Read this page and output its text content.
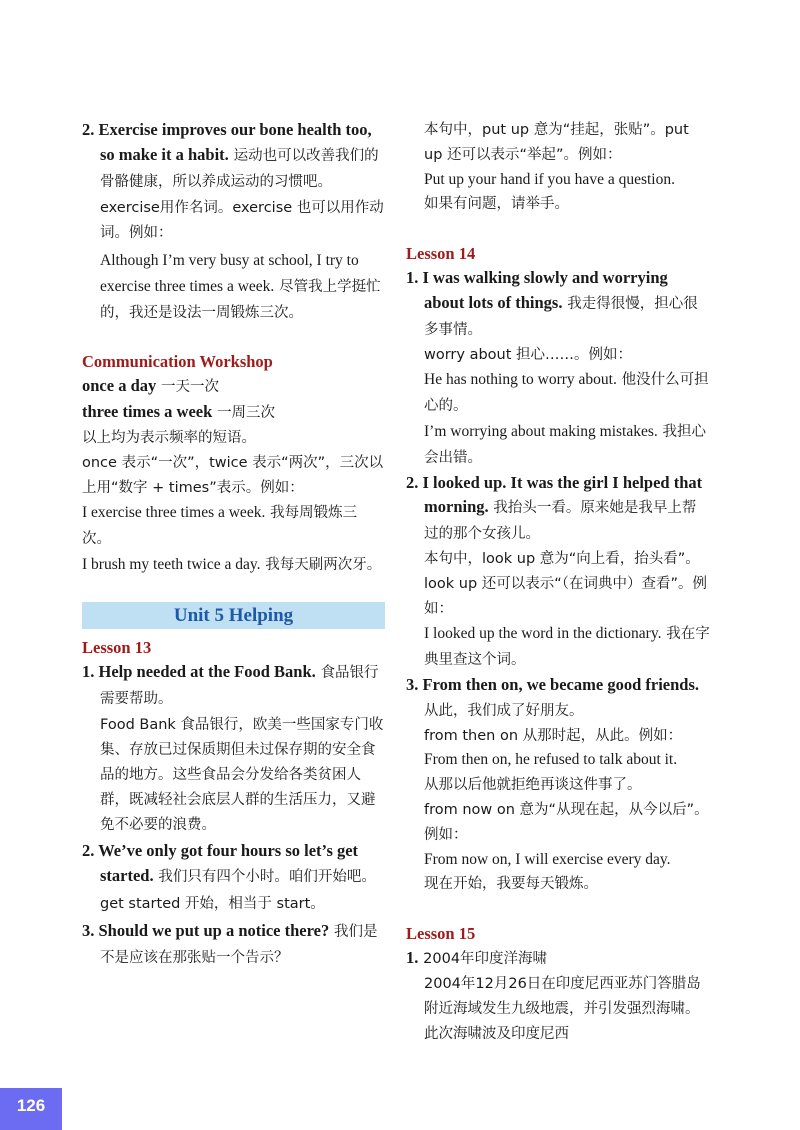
2. Exercise improves our bone health too, so make it a habit. 运动也可以改善我们的骨骼健康，所以养成运动的习惯吧。

exercise用作名词。exercise 也可以用作动词。例如：

Although I’m very busy at school, I try to exercise three times a week. 尽管我上学挺忙的，我还是设法一周锻炼三次。

Communication Workshop

once a day 一天一次

three times a week 一周三次

以上均为表示频率的短语。

once 表示“一次”，twice 表示“两次”，三次以上用“数字 + times”表示。例如：

I exercise three times a week. 我每周锻炼三次。

I brush my teeth twice a day. 我每天刷两次牙。

Unit 5 Helping

Lesson 13

1. Help needed at the Food Bank. 食品银行需要帮助。

Food Bank 食品银行，欧美一些国家专门收集、存放已过保质期但未过保存期的安全食品的地方。这些食品会分发给各类贫困人群，既减轻社会底层人群的生活压力，又避免不必要的浪费。

2. We’ve only got four hours so let’s get started. 我们只有四个小时。咱们开始吧。

get started 开始，相当于 start。

3. Should we put up a notice there? 我们是不是应该在那张贴一个告示？

本句中，put up 意为“挂起，张贴”。put up 还可以表示“举起”。例如：

Put up your hand if you have a question.

如果有问题，请举手。

Lesson 14

1. I was walking slowly and worrying about lots of things. 我走得很慢，担心很多事情。

worry about 担心……。例如：

He has nothing to worry about. 他没什么可担心的。

I’m worrying about making mistakes. 我担心会出错。

2. I looked up. It was the girl I helped that morning. 我抬头一看。原来她是我早上帮过的那个女孩儿。

本句中，look up 意为“向上看，抬头看”。look up 还可以表示“（在词典中）查看”。例如：

I looked up the word in the dictionary. 我在字典里查这个词。

3. From then on, we became good friends. 从此，我们成了好朋友。

from then on 从那时起，从此。例如：

From then on, he refused to talk about it.

从那以后他就拒绝再谈这件事了。

from now on 意为“从现在起，从今以后”。例如：

From now on, I will exercise every day.

现在开始，我要每天锻炼。

Lesson 15

1. 2004年印度洋海啸

2004年12月26日在印度尼西亚苏门答腊岛附近海域发生九级地震，并引发强烈海啸。此次海啸波及印度尼西

126
